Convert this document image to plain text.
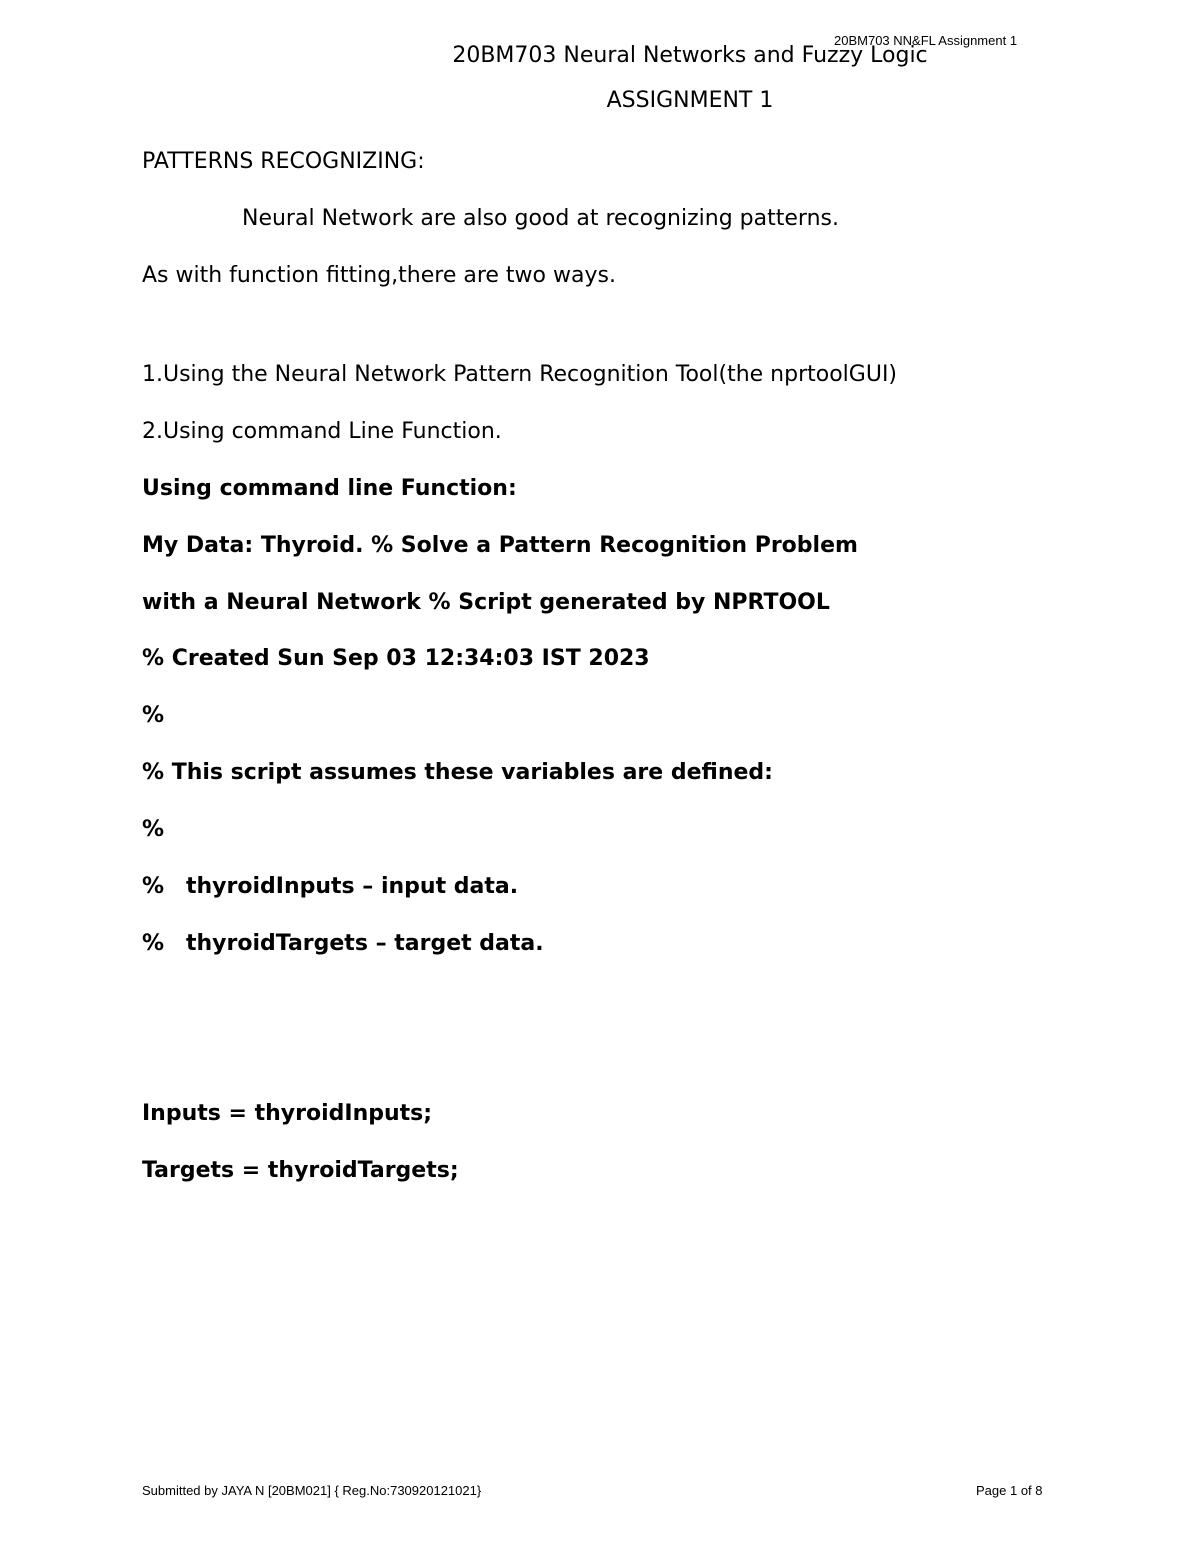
20BM703 NN&FL Assignment 1
20BM703 Neural Networks and Fuzzy Logic
ASSIGNMENT 1
PATTERNS RECOGNIZING:
Neural Network are also good at recognizing patterns.
As with function fitting,there are two ways.
1.Using the Neural Network Pattern Recognition Tool(the nprtoolGUI)
2.Using command Line Function.
Using command line Function:
My Data: Thyroid. % Solve a Pattern Recognition Problem
with a Neural Network % Script generated by NPRTOOL
% Created Sun Sep 03 12:34:03 IST 2023
%
% This script assumes these variables are defined:
%
% thyroidInputs – input data.
% thyroidTargets – target data.
Inputs = thyroidInputs;
Targets = thyroidTargets;
Submitted by JAYA N [20BM021] { Reg.No:730920121021}	Page 1 of 8
